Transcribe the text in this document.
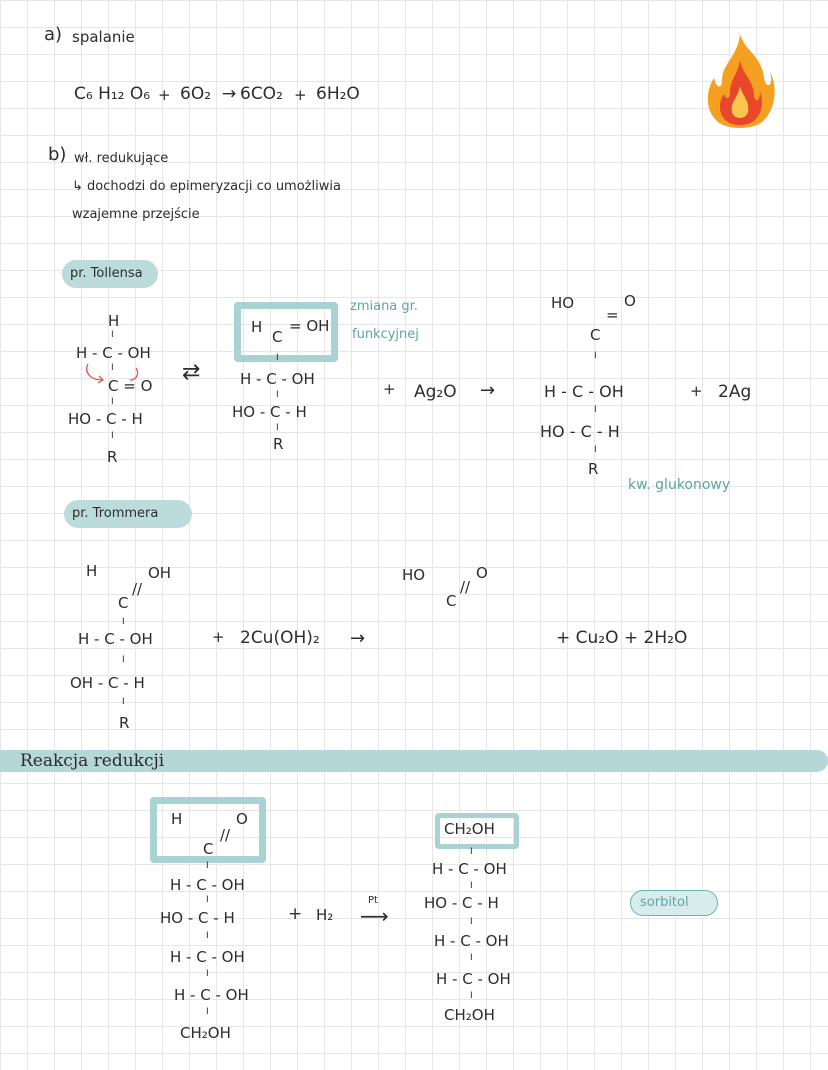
a) spalanie
C₆ H₁₂ O₆ + 6O₂ → 6CO₂ + 6H₂O
b) wł. redukujące
↳ dochodzi do epimeryzacji co umożliwia
wzajemne przejście
pr. Tollensa
H
I
H - C - OH
I
C = O
I
HO - C - H
I
R
⇄
H
C
= OH
I
H - C - OH
I
HO - C - H
I
R
zmiana gr.
funkcyjnej
+ Ag₂O →
HO	O
=
C
I
H - C - OH
I
HO - C - H
I
R
+ 2Ag
kw. glukonowy
pr. Trommera
H	OH
//
C
I
H - C - OH
I
OH - C - H
I
R
+ 2Cu(OH)₂ →
HO	O
//
C
+ Cu₂O + 2H₂O
Reakcja redukcji
H	O
//
C
I
H - C - OH
I
HO - C - H
I
H - C - OH
I
H - C - OH
I
CH₂OH
+ H₂
Pt
⟶
CH₂OH
I
H - C - OH
I
HO - C - H
I
H - C - OH
I
H - C - OH
I
CH₂OH
sorbitol
